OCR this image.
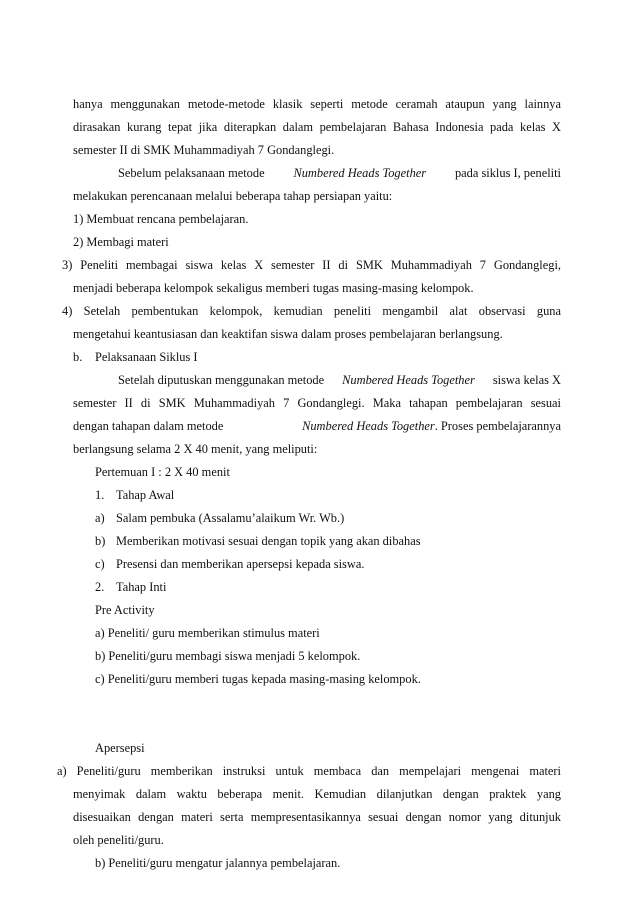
hanya menggunakan metode-metode klasik seperti metode ceramah ataupun yang lainnya
dirasakan kurang tepat jika diterapkan dalam pembelajaran Bahasa Indonesia pada kelas X
semester II di SMK Muhammadiyah 7 Gondanglegi.
Sebelum pelaksanaan metode Numbered Heads Together pada siklus I, peneliti
melakukan perencanaan melalui beberapa tahap persiapan yaitu:
1) Membuat rencana pembelajaran.
2) Membagi materi
3) Peneliti membagai siswa kelas X semester II di SMK Muhammadiyah 7 Gondanglegi,
menjadi beberapa kelompok sekaligus memberi tugas masing-masing kelompok.
4) Setelah pembentukan kelompok, kemudian peneliti mengambil alat observasi guna
mengetahui keantusiasan dan keaktifan siswa dalam proses pembelajaran berlangsung.
b. Pelaksanaan Siklus I
Setelah diputuskan menggunakan metode Numbered Heads Together siswa kelas X
semester II di SMK Muhammadiyah 7 Gondanglegi. Maka tahapan pembelajaran sesuai
dengan tahapan dalam metode	Numbered Heads Together. Proses pembelajarannya
berlangsung selama 2 X 40 menit, yang meliputi:
Pertemuan I : 2 X 40 menit
1. Tahap Awal
a) Salam pembuka (Assalamu’alaikum Wr. Wb.)
b) Memberikan motivasi sesuai dengan topik yang akan dibahas
c) Presensi dan memberikan apersepsi kepada siswa.
2. Tahap Inti
Pre Activity
a) Peneliti/ guru memberikan stimulus materi
b) Peneliti/guru membagi siswa menjadi 5 kelompok.
c) Peneliti/guru memberi tugas kepada masing-masing kelompok.
Apersepsi
a) Peneliti/guru memberikan instruksi untuk membaca dan mempelajari mengenai materi
menyimak dalam waktu beberapa menit. Kemudian dilanjutkan dengan praktek yang
disesuaikan dengan materi serta mempresentasikannya sesuai dengan nomor yang ditunjuk
oleh peneliti/guru.
b) Peneliti/guru mengatur jalannya pembelajaran.
